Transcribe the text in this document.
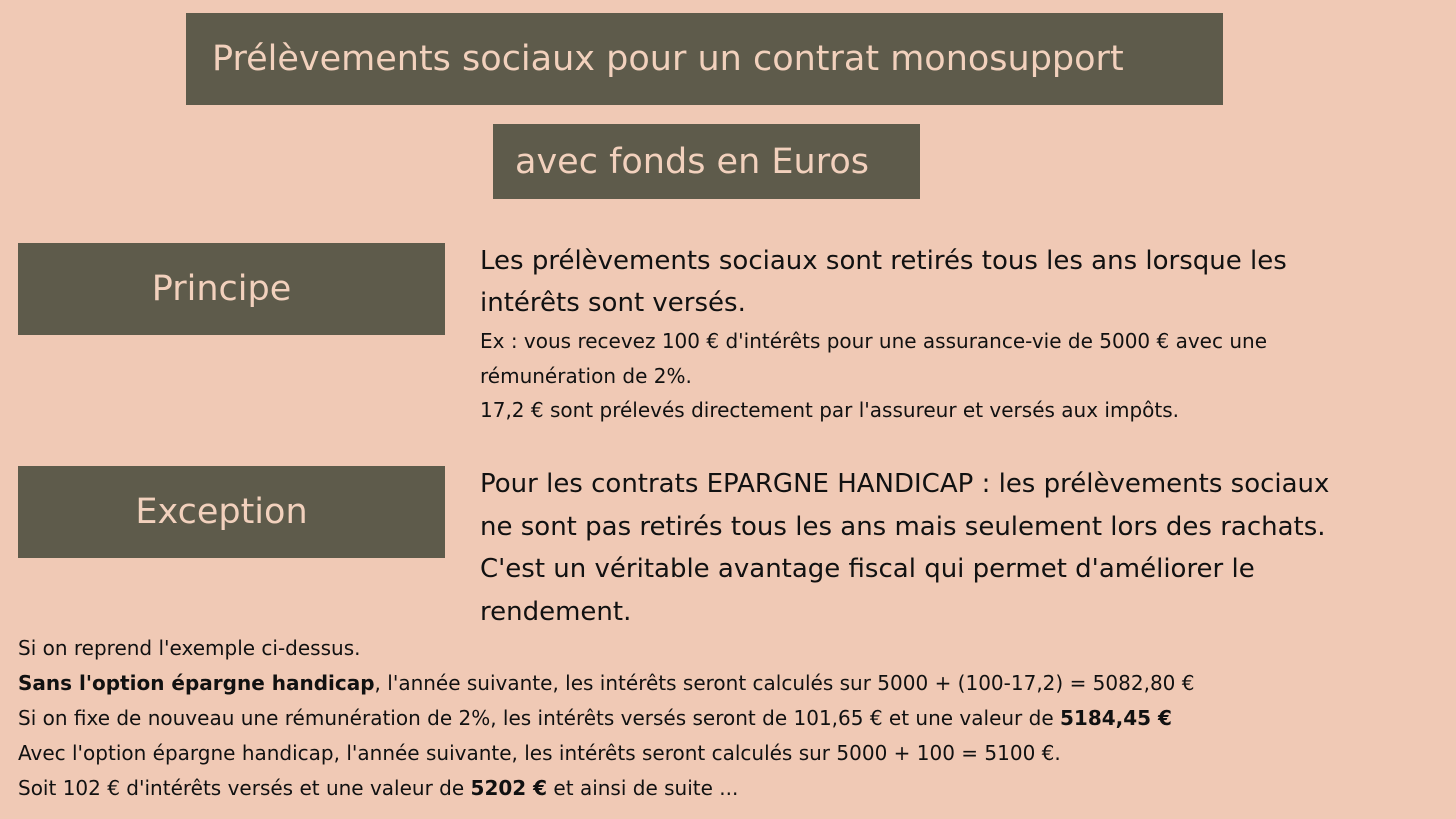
Prélèvements sociaux pour un contrat monosupport
avec fonds en Euros
Principe
Les prélèvements sociaux sont retirés tous les ans lorsque les
intérêts sont versés.
Ex : vous recevez 100 € d'intérêts pour une assurance-vie de 5000 € avec une
rémunération de 2%.
17,2 € sont prélevés directement par l'assureur et versés aux impôts.
Exception
Pour les contrats EPARGNE HANDICAP : les prélèvements sociaux
ne sont pas retirés tous les ans mais seulement lors des rachats.
C'est un véritable avantage fiscal qui permet d'améliorer le
rendement.
Si on reprend l'exemple ci-dessus.
Sans l'option épargne handicap, l'année suivante, les intérêts seront calculés sur 5000 + (100-17,2) = 5082,80 €
Si on fixe de nouveau une rémunération de 2%, les intérêts versés seront de 101,65 € et une valeur de 5184,45 €
Avec l'option épargne handicap, l'année suivante, les intérêts seront calculés sur 5000 + 100 = 5100 €.
Soit 102 € d'intérêts versés et une valeur de 5202 € et ainsi de suite ...
